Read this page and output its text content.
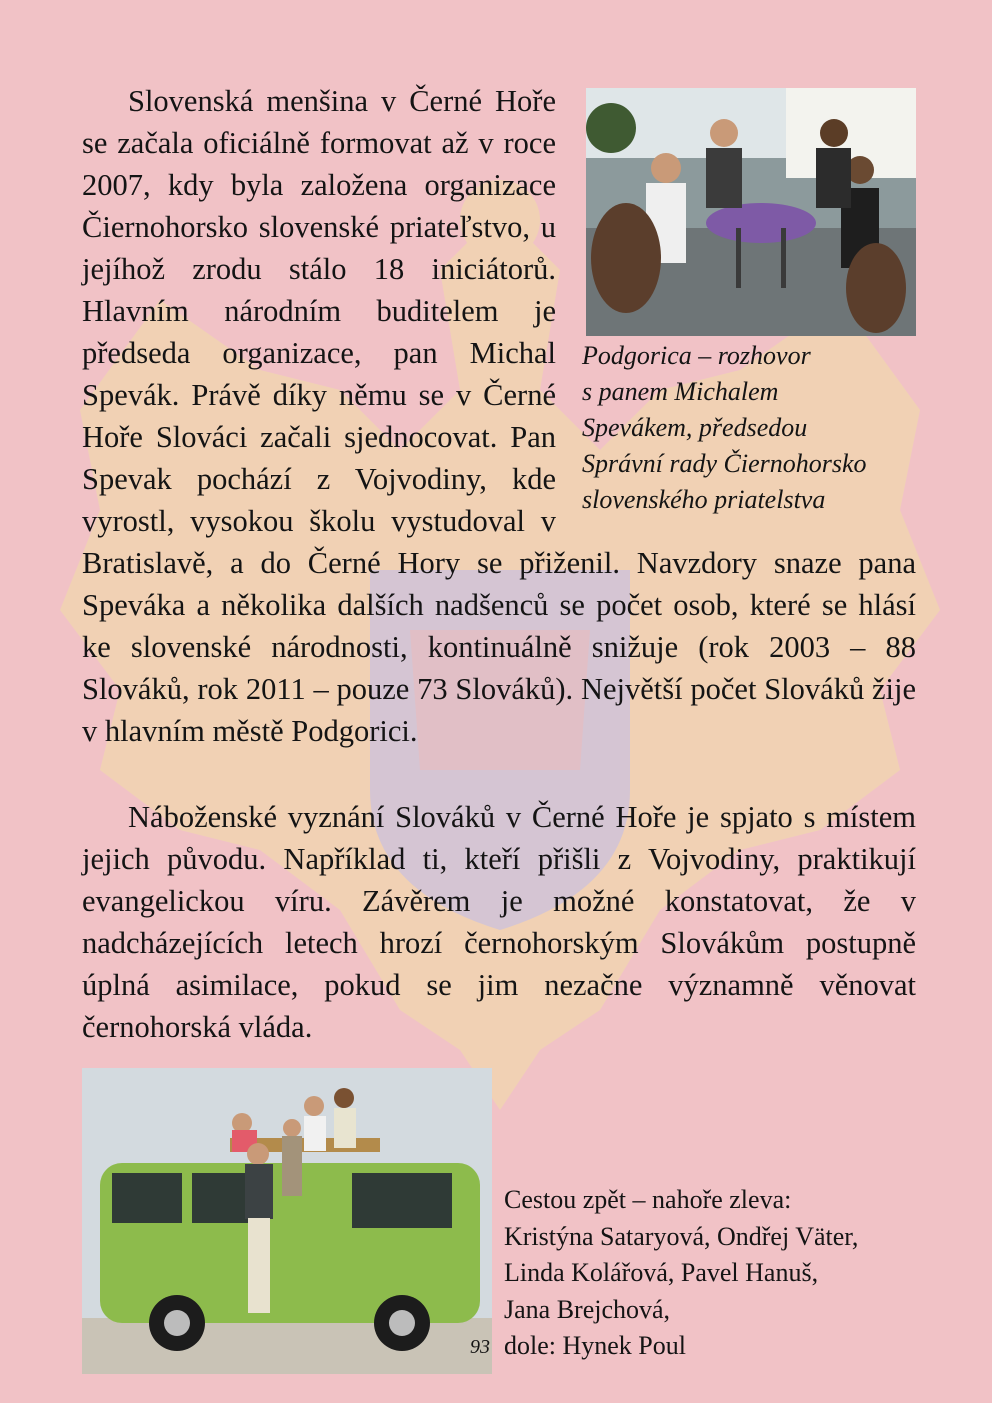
Podgorica – rozhovor
s panem Michalem
Spevákem, předsedou
Správní rady Čiernohorsko
slovenského priatelstva
Slovenská menšina v Černé Hoře se začala oficiálně formovat až v roce 2007, kdy byla založena organizace Čiernohorsko slovenské priateľstvo, u jejíhož zrodu stálo 18 iniciátorů. Hlavním národním buditelem je předseda organizace, pan Michal Spevák. Právě díky němu se v Černé Hoře Slováci začali sjednocovat. Pan Spevak pochází z Vojvodiny, kde vyrostl, vysokou školu vystudoval v Bratislavě, a do Černé Hory se přiženil. Navzdory snaze pana Speváka a několika dalších nadšenců se počet osob, které se hlásí ke slovenské národnosti, kontinuálně snižuje (rok 2003 – 88 Slováků, rok 2011 – pouze 73 Slováků). Největší počet Slováků žije v hlavním městě Podgorici.
Náboženské vyznání Slováků v Černé Hoře je spjato s místem jejich původu. Například ti, kteří přišli z Vojvodiny, praktikují evangelickou víru. Závěrem je možné konstatovat, že v nadcházejících letech hrozí černohorským Slovákům postupně úplná asimilace, pokud se jim nezačne významně věnovat černohorská vláda.
Cestou zpět – nahoře zleva:
Kristýna Sataryová, Ondřej Väter,
Linda Kolářová, Pavel Hanuš,
Jana Brejchová,
dole: Hynek Poul
93
